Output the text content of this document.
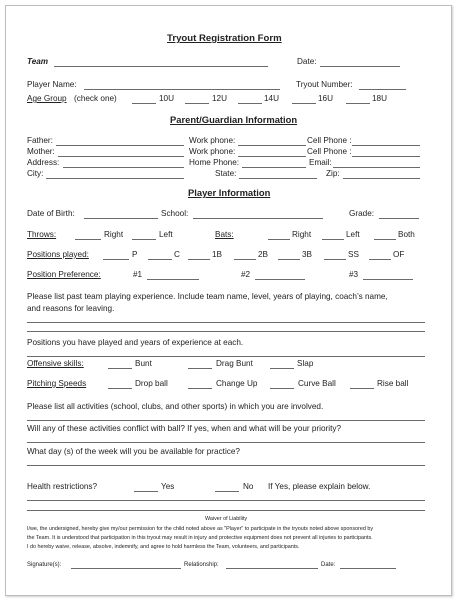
Tryout Registration Form
Team	Date:
Player Name:	Tryout Number:
Age Group (check one)	10U	12U	14U	16U	18U
Parent/Guardian Information
Father:	Work phone:	Cell Phone :
Mother:	Work phone:	Cell Phone :
Address:	Home Phone:	Email:
City:	State:	Zip:
Player Information
Date of Birth:	School:	Grade:
Throws:	Right	Left	Bats:	Right	Left	Both
Positions played:	P	C	1B	2B	3B	SS	OF
Position Preference:	#1	#2	#3
Please list past team playing experience. Include team name, level, years of playing, coach’s name,
and reasons for leaving.
Positions you have played and years of experience at each.
Offensive skills:	Bunt	Drag Bunt	Slap
Pitching Speeds	Drop ball	Change Up	Curve Ball	Rise ball
Please list all activities (school, clubs, and other sports) in which you are involved.
Will any of these activities conflict with ball? If yes, when and what will be your priority?
What day (s) of the week will you be available for practice?
Health restrictions?	Yes	No If Yes, please explain below.
Waiver of Liability
I/we, the undersigned, hereby give my/our permission for the child noted above as "Player" to participate in the tryouts noted above sponsored by
the Team. It is understood that participation in this tryout may result in injury and protective equipment does not prevent all injuries to participants.
I do hereby waive, release, absolve, indemnify, and agree to hold harmless the Team, volunteers, and participants.
Signature(s):	Relationship:	Date:
